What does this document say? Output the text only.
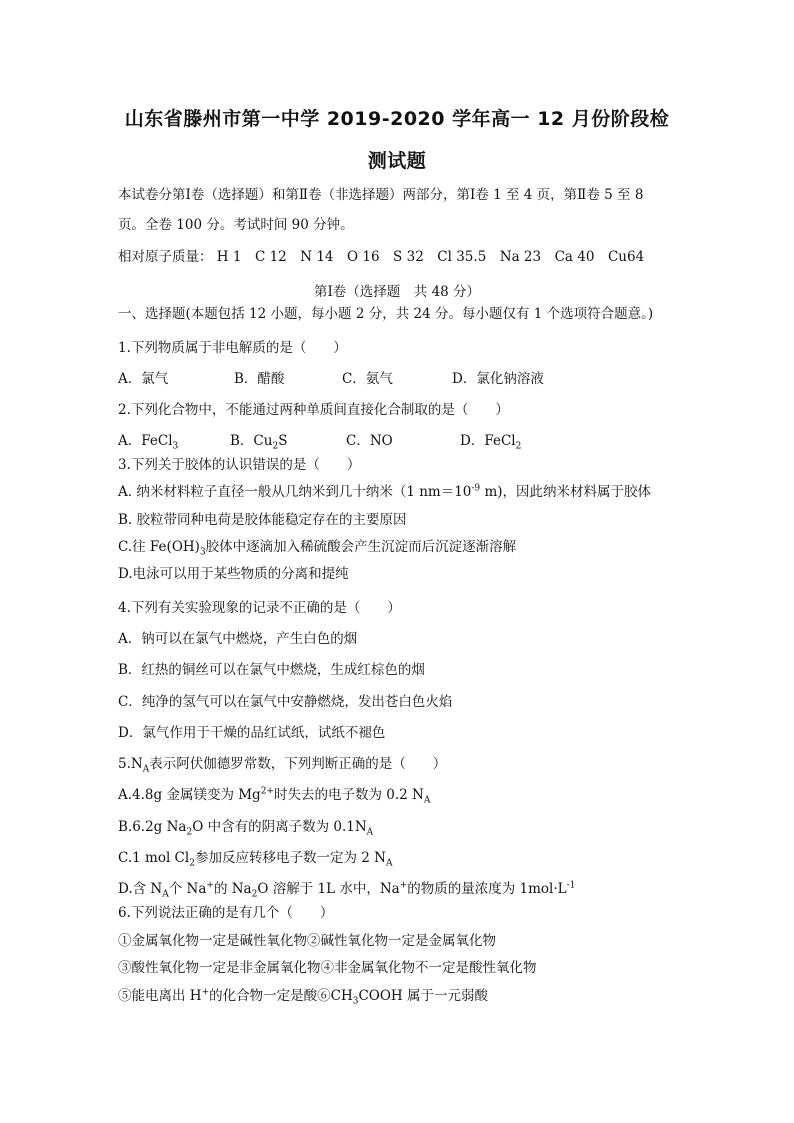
山东省滕州市第一中学 2019-2020 学年高一 12 月份阶段检
测试题
本试卷分第Ⅰ卷（选择题）和第Ⅱ卷（非选择题）两部分，第Ⅰ卷 1 至 4 页，第Ⅱ卷 5 至 8
页。全卷 100 分。考试时间 90 分钟。
相对原子质量： H 1　C 12　N 14　O 16　S 32　Cl 35.5　Na 23　Ca 40　Cu64
第Ⅰ卷（选择题　共 48 分）
一、选择题(本题包括 12 小题，每小题 2 分，共 24 分。每小题仅有 1 个选项符合题意。)
1.下列物质属于非电解质的是（　　）
A．氯气	B．醋酸	C．氨气	D．氯化钠溶液
2.下列化合物中，不能通过两种单质间直接化合制取的是（　　）
A．FeCl$_3$	B．$Cu_2S$	C．NO	D．FeCl$_2$
3.下列关于胶体的认识错误的是（　　）
A. 纳米材料粒子直径一般从几纳米到几十纳米（1 $nm=10^{-9}$ m)，因此纳米材料属于胶体
B. 胶粒带同种电荷是胶体能稳定存在的主要原因
C.往 $Fe(OH)_3$胶体中逐滴加入稀硫酸会产生沉淀而后沉淀逐渐溶解
D.电泳可以用于某些物质的分离和提纯
4.下列有关实验现象的记录不正确的是（　　）
A．钠可以在氯气中燃烧，产生白色的烟
B．红热的铜丝可以在氯气中燃烧，生成红棕色的烟
C．纯净的氢气可以在氯气中安静燃烧，发出苍白色火焰
D．氯气作用于干燥的品红试纸，试纸不褪色
$5.N_A$表示阿伏伽德罗常数，下列判断正确的是（　　）
A.4.8g 金属镁变为 $Mg^{2+}$时失去的电子数为 0.2 $N_A$
B.6.2g $Na_2O$ 中含有的阴离子数为 $0.1N_A$
C.1 mol $Cl_2$参加反应转移电子数一定为 2 $N_A$
D.含 $N_A$个 Na+的 $Na_2O$ 溶解于 1L 水中，Na+的物质的量浓度为 $1mol\cdot L^{-1}$
6.下列说法正确的是有几个（　　）
①金属氧化物一定是碱性氧化物②碱性氧化物一定是金属氧化物
③酸性氧化物一定是非金属氧化物④非金属氧化物不一定是酸性氧化物
⑤能电离出 H+的化合物一定是酸$⑥CH_3COOH$ 属于一元弱酸
